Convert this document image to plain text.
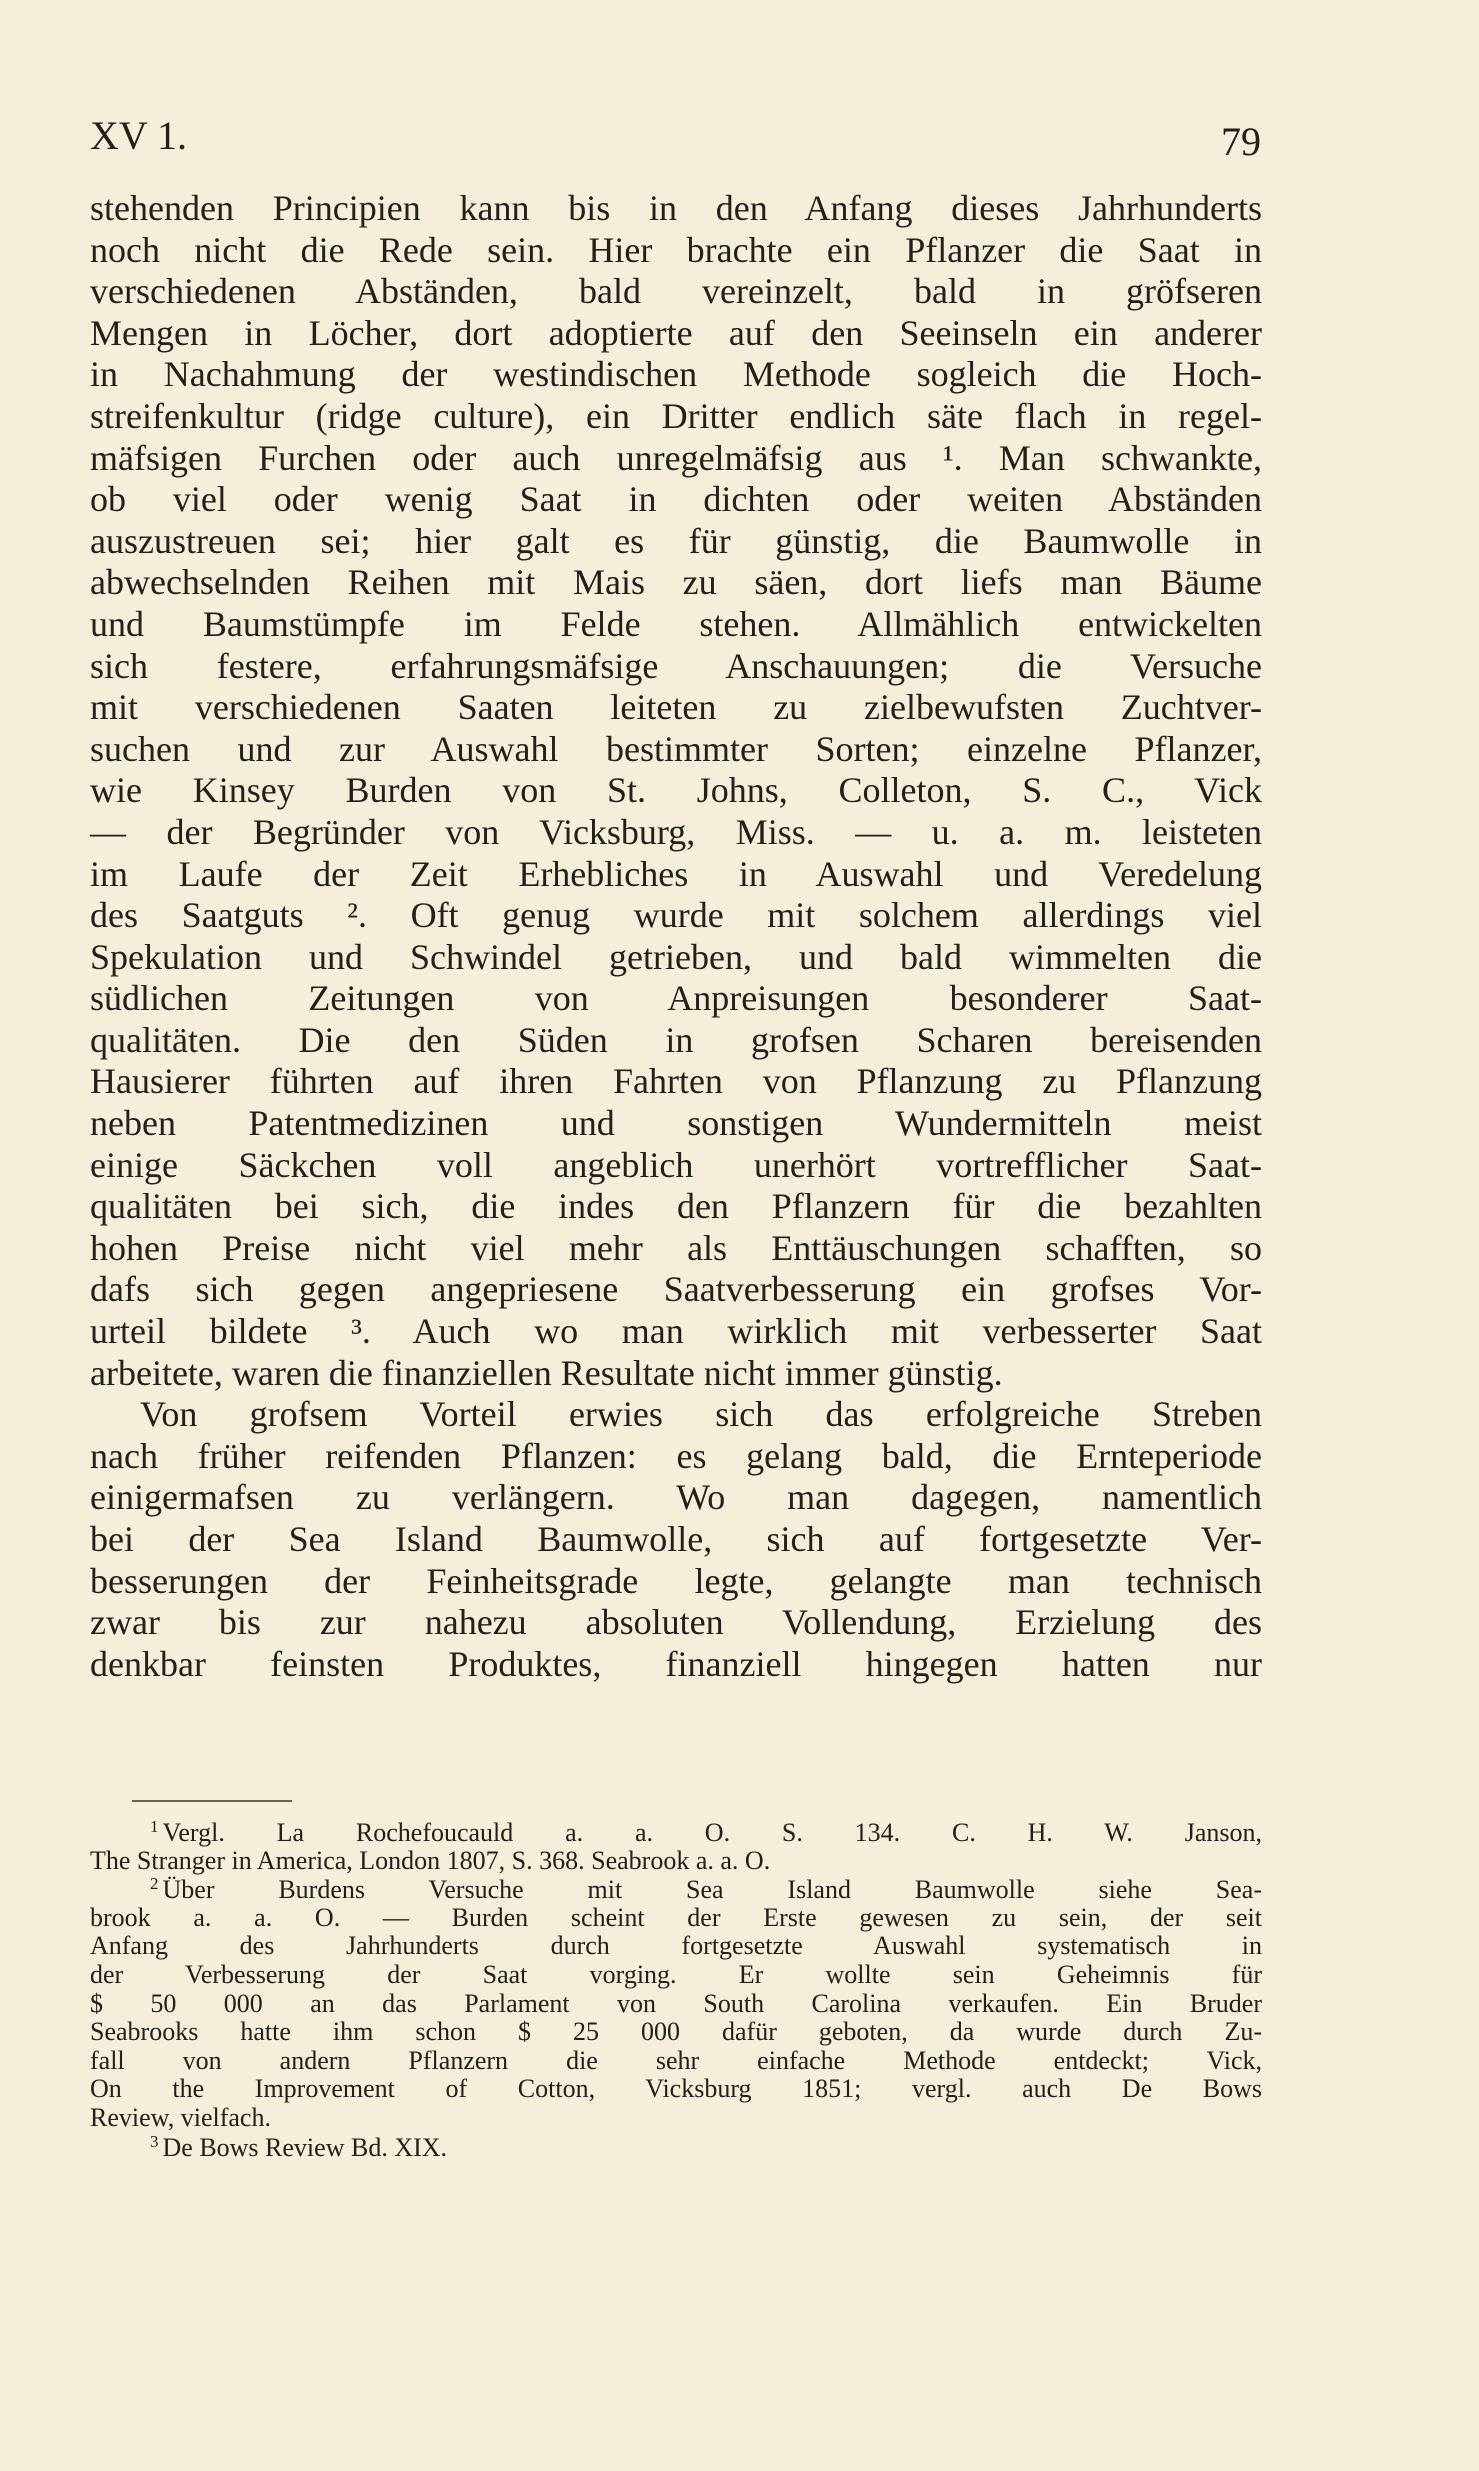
XV 1.	79
stehenden Principien kann bis in den Anfang dieses Jahrhunderts
noch nicht die Rede sein. Hier brachte ein Pflanzer die Saat in
verschiedenen Abständen, bald vereinzelt, bald in gröfseren
Mengen in Löcher, dort adoptierte auf den Seeinseln ein anderer
in Nachahmung der westindischen Methode sogleich die Hoch-
streifenkultur (ridge culture), ein Dritter endlich säte flach in regel-
mäfsigen Furchen oder auch unregelmäfsig aus ¹. Man schwankte,
ob viel oder wenig Saat in dichten oder weiten Abständen
auszustreuen sei; hier galt es für günstig, die Baumwolle in
abwechselnden Reihen mit Mais zu säen, dort liefs man Bäume
und Baumstümpfe im Felde stehen. Allmählich entwickelten
sich festere, erfahrungsmäfsige Anschauungen; die Versuche
mit verschiedenen Saaten leiteten zu zielbewufsten Zuchtver-
suchen und zur Auswahl bestimmter Sorten; einzelne Pflanzer,
wie Kinsey Burden von St. Johns, Colleton, S. C., Vick
— der Begründer von Vicksburg, Miss. — u. a. m. leisteten
im Laufe der Zeit Erhebliches in Auswahl und Veredelung
des Saatguts ². Oft genug wurde mit solchem allerdings viel
Spekulation und Schwindel getrieben, und bald wimmelten die
südlichen Zeitungen von Anpreisungen besonderer Saat-
qualitäten. Die den Süden in grofsen Scharen bereisenden
Hausierer führten auf ihren Fahrten von Pflanzung zu Pflanzung
neben Patentmedizinen und sonstigen Wundermitteln meist
einige Säckchen voll angeblich unerhört vortrefflicher Saat-
qualitäten bei sich, die indes den Pflanzern für die bezahlten
hohen Preise nicht viel mehr als Enttäuschungen schafften, so
dafs sich gegen angepriesene Saatverbesserung ein grofses Vor-
urteil bildete ³. Auch wo man wirklich mit verbesserter Saat
arbeitete, waren die finanziellen Resultate nicht immer günstig.
Von grofsem Vorteil erwies sich das erfolgreiche Streben
nach früher reifenden Pflanzen: es gelang bald, die Ernteperiode
einigermafsen zu verlängern. Wo man dagegen, namentlich
bei der Sea Island Baumwolle, sich auf fortgesetzte Ver-
besserungen der Feinheitsgrade legte, gelangte man technisch
zwar bis zur nahezu absoluten Vollendung, Erzielung des
denkbar feinsten Produktes, finanziell hingegen hatten nur
1 Vergl. La Rochefoucauld a. a. O. S. 134. C. H. W. Janson,
The Stranger in America, London 1807, S. 368. Seabrook a. a. O.
2 Über Burdens Versuche mit Sea Island Baumwolle siehe Sea-
brook a. a. O. — Burden scheint der Erste gewesen zu sein, der seit
Anfang des Jahrhunderts durch fortgesetzte Auswahl systematisch in
der Verbesserung der Saat vorging. Er wollte sein Geheimnis für
$ 50 000 an das Parlament von South Carolina verkaufen. Ein Bruder
Seabrooks hatte ihm schon $ 25 000 dafür geboten, da wurde durch Zu-
fall von andern Pflanzern die sehr einfache Methode entdeckt; Vick,
On the Improvement of Cotton, Vicksburg 1851; vergl. auch De Bows
Review, vielfach.
3 De Bows Review Bd. XIX.
